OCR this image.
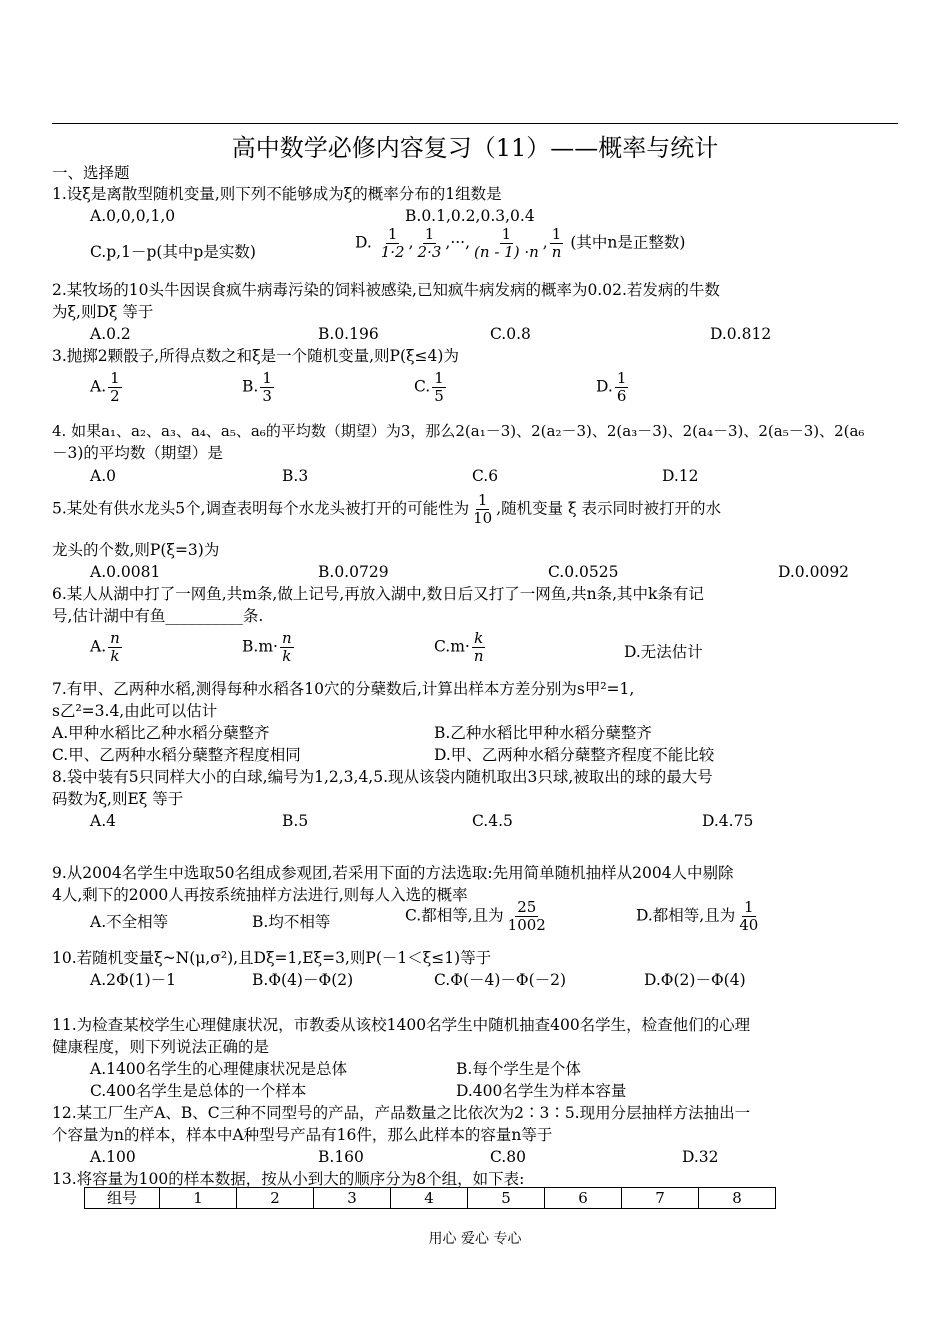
高中数学必修内容复习（11）——概率与统计
一、选择题
1.设ξ是离散型随机变量,则下列不能够成为ξ的概率分布的1组数是
A.0,0,0,1,0	B.0.1,0.2,0.3,0.4
C.p,1－p(其中p是实数)
D. $\frac{1}{1\cdot 2}$ , $\frac{1}{2\cdot 3}$ ,···, $\frac{1}{(n - 1) \cdot n}$ , $\frac{1}{n}$ (其中n是正整数)
2.某牧场的10头牛因误食疯牛病毒污染的饲料被感染,已知疯牛病发病的概率为0.02.若发病的牛数
为ξ,则Dξ 等于
A.0.2	B.0.196	C.0.8	D.0.812
3.抛掷2颗骰子,所得点数之和ξ是一个随机变量,则P(ξ≤4)为
A. $\frac{1}{2}$	B. $\frac{1}{3}$	C. $\frac{1}{5}$	D. $\frac{1}{6}$
4. 如果a₁、a₂、a₃、a₄、a₅、a₆的平均数（期望）为3，那么2(a₁－3)、2(a₂－3)、2(a₃－3)、2(a₄－3)、2(a₅－3)、2(a₆
－3)的平均数（期望）是
A.0	B.3	C.6	D.12
5.某处有供水龙头5个,调查表明每个水龙头被打开的可能性为 $\frac{1}{10}$ ,随机变量 ξ 表示同时被打开的水
龙头的个数,则P(ξ=3)为
A.0.0081	B.0.0729	C.0.0525	D.0.0092
6.某人从湖中打了一网鱼,共m条,做上记号,再放入湖中,数日后又打了一网鱼,共n条,其中k条有记
号,估计湖中有鱼__________条.
A. $\frac{n}{k}$	$B.m\cdot \frac{n}{k}$	$C.m\cdot \frac{k}{n}$	D.无法估计
7.有甲、乙两种水稻,测得每种水稻各10穴的分蘖数后,计算出样本方差分别为s甲²=1,
s乙²=3.4,由此可以估计
A.甲种水稻比乙种水稻分蘖整齐	B.乙种水稻比甲种水稻分蘖整齐
C.甲、乙两种水稻分蘖整齐程度相同	D.甲、乙两种水稻分蘖整齐程度不能比较
8.袋中装有5只同样大小的白球,编号为1,2,3,4,5.现从该袋内随机取出3只球,被取出的球的最大号
码数为ξ,则Eξ 等于
A.4	B.5	C.4.5	D.4.75
9.从2004名学生中选取50名组成参观团,若采用下面的方法选取:先用简单随机抽样从2004人中剔除
4人,剩下的2000人再按系统抽样方法进行,则每人入选的概率
A.不全相等	B.均不相等	C.都相等,且为 $\frac{25}{1002}$	D.都相等,且为 $\frac{1}{40}$
10.若随机变量ξ~N(μ,σ²),且Dξ=1,Eξ=3,则P(－1＜ξ≤1)等于
A.2Φ(1)－1	B.Φ(4)－Φ(2)	C.Φ(－4)－Φ(－2)	D.Φ(2)－Φ(4)
11.为检查某校学生心理健康状况，市教委从该校1400名学生中随机抽查400名学生，检查他们的心理
健康程度，则下列说法正确的是
A.1400名学生的心理健康状况是总体	B.每个学生是个体
C.400名学生是总体的一个样本	D.400名学生为样本容量
12.某工厂生产A、B、C三种不同型号的产品，产品数量之比依次为2∶3∶5.现用分层抽样方法抽出一
个容量为n的样本，样本中A种型号产品有16件，那么此样本的容量n等于
A.100	B.160	C.80	D.32
13.将容量为100的样本数据，按从小到大的顺序分为8个组，如下表:
组号	1	2	3	4	5	6	7	8
用心 爱心 专心
